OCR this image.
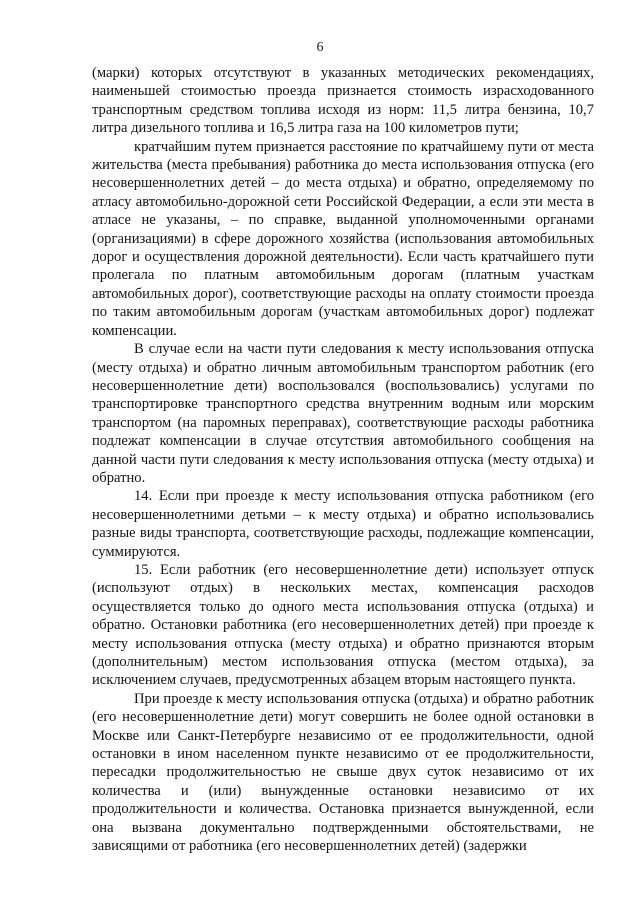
6

(марки) которых отсутствуют в указанных методических рекомендациях, наименьшей стоимостью проезда признается стоимость израсходованного транспортным средством топлива исходя из норм: 11,5 литра бензина, 10,7 литра дизельного топлива и 16,5 литра газа на 100 километров пути;

кратчайшим путем признается расстояние по кратчайшему пути от места жительства (места пребывания) работника до места использования отпуска (его несовершеннолетних детей – до места отдыха) и обратно, определяемому по атласу автомобильно-дорожной сети Российской Федерации, а если эти места в атласе не указаны, – по справке, выданной уполномоченными органами (организациями) в сфере дорожного хозяйства (использования автомобильных дорог и осуществления дорожной деятельности). Если часть кратчайшего пути пролегала по платным автомобильным дорогам (платным участкам автомобильных дорог), соответствующие расходы на оплату стоимости проезда по таким автомобильным дорогам (участкам автомобильных дорог) подлежат компенсации.

В случае если на части пути следования к месту использования отпуска (месту отдыха) и обратно личным автомобильным транспортом работник (его несовершеннолетние дети) воспользовался (воспользовались) услугами по транспортировке транспортного средства внутренним водным или морским транспортом (на паромных переправах), соответствующие расходы работника подлежат компенсации в случае отсутствия автомобильного сообщения на данной части пути следования к месту использования отпуска (месту отдыха) и обратно.

14. Если при проезде к месту использования отпуска работником (его несовершеннолетними детьми – к месту отдыха) и обратно использовались разные виды транспорта, соответствующие расходы, подлежащие компенсации, суммируются.

15. Если работник (его несовершеннолетние дети) использует отпуск (используют отдых) в нескольких местах, компенсация расходов осуществляется только до одного места использования отпуска (отдыха) и обратно. Остановки работника (его несовершеннолетних детей) при проезде к месту использования отпуска (месту отдыха) и обратно признаются вторым (дополнительным) местом использования отпуска (местом отдыха), за исключением случаев, предусмотренных абзацем вторым настоящего пункта.

При проезде к месту использования отпуска (отдыха) и обратно работник (его несовершеннолетние дети) могут совершить не более одной остановки в Москве или Санкт-Петербурге независимо от ее продолжительности, одной остановки в ином населенном пункте независимо от ее продолжительности, пересадки продолжительностью не свыше двух суток независимо от их количества и (или) вынужденные остановки независимо от их продолжительности и количества. Остановка признается вынужденной, если она вызвана документально подтвержденными обстоятельствами, не зависящими от работника (его несовершеннолетних детей) (задержки
